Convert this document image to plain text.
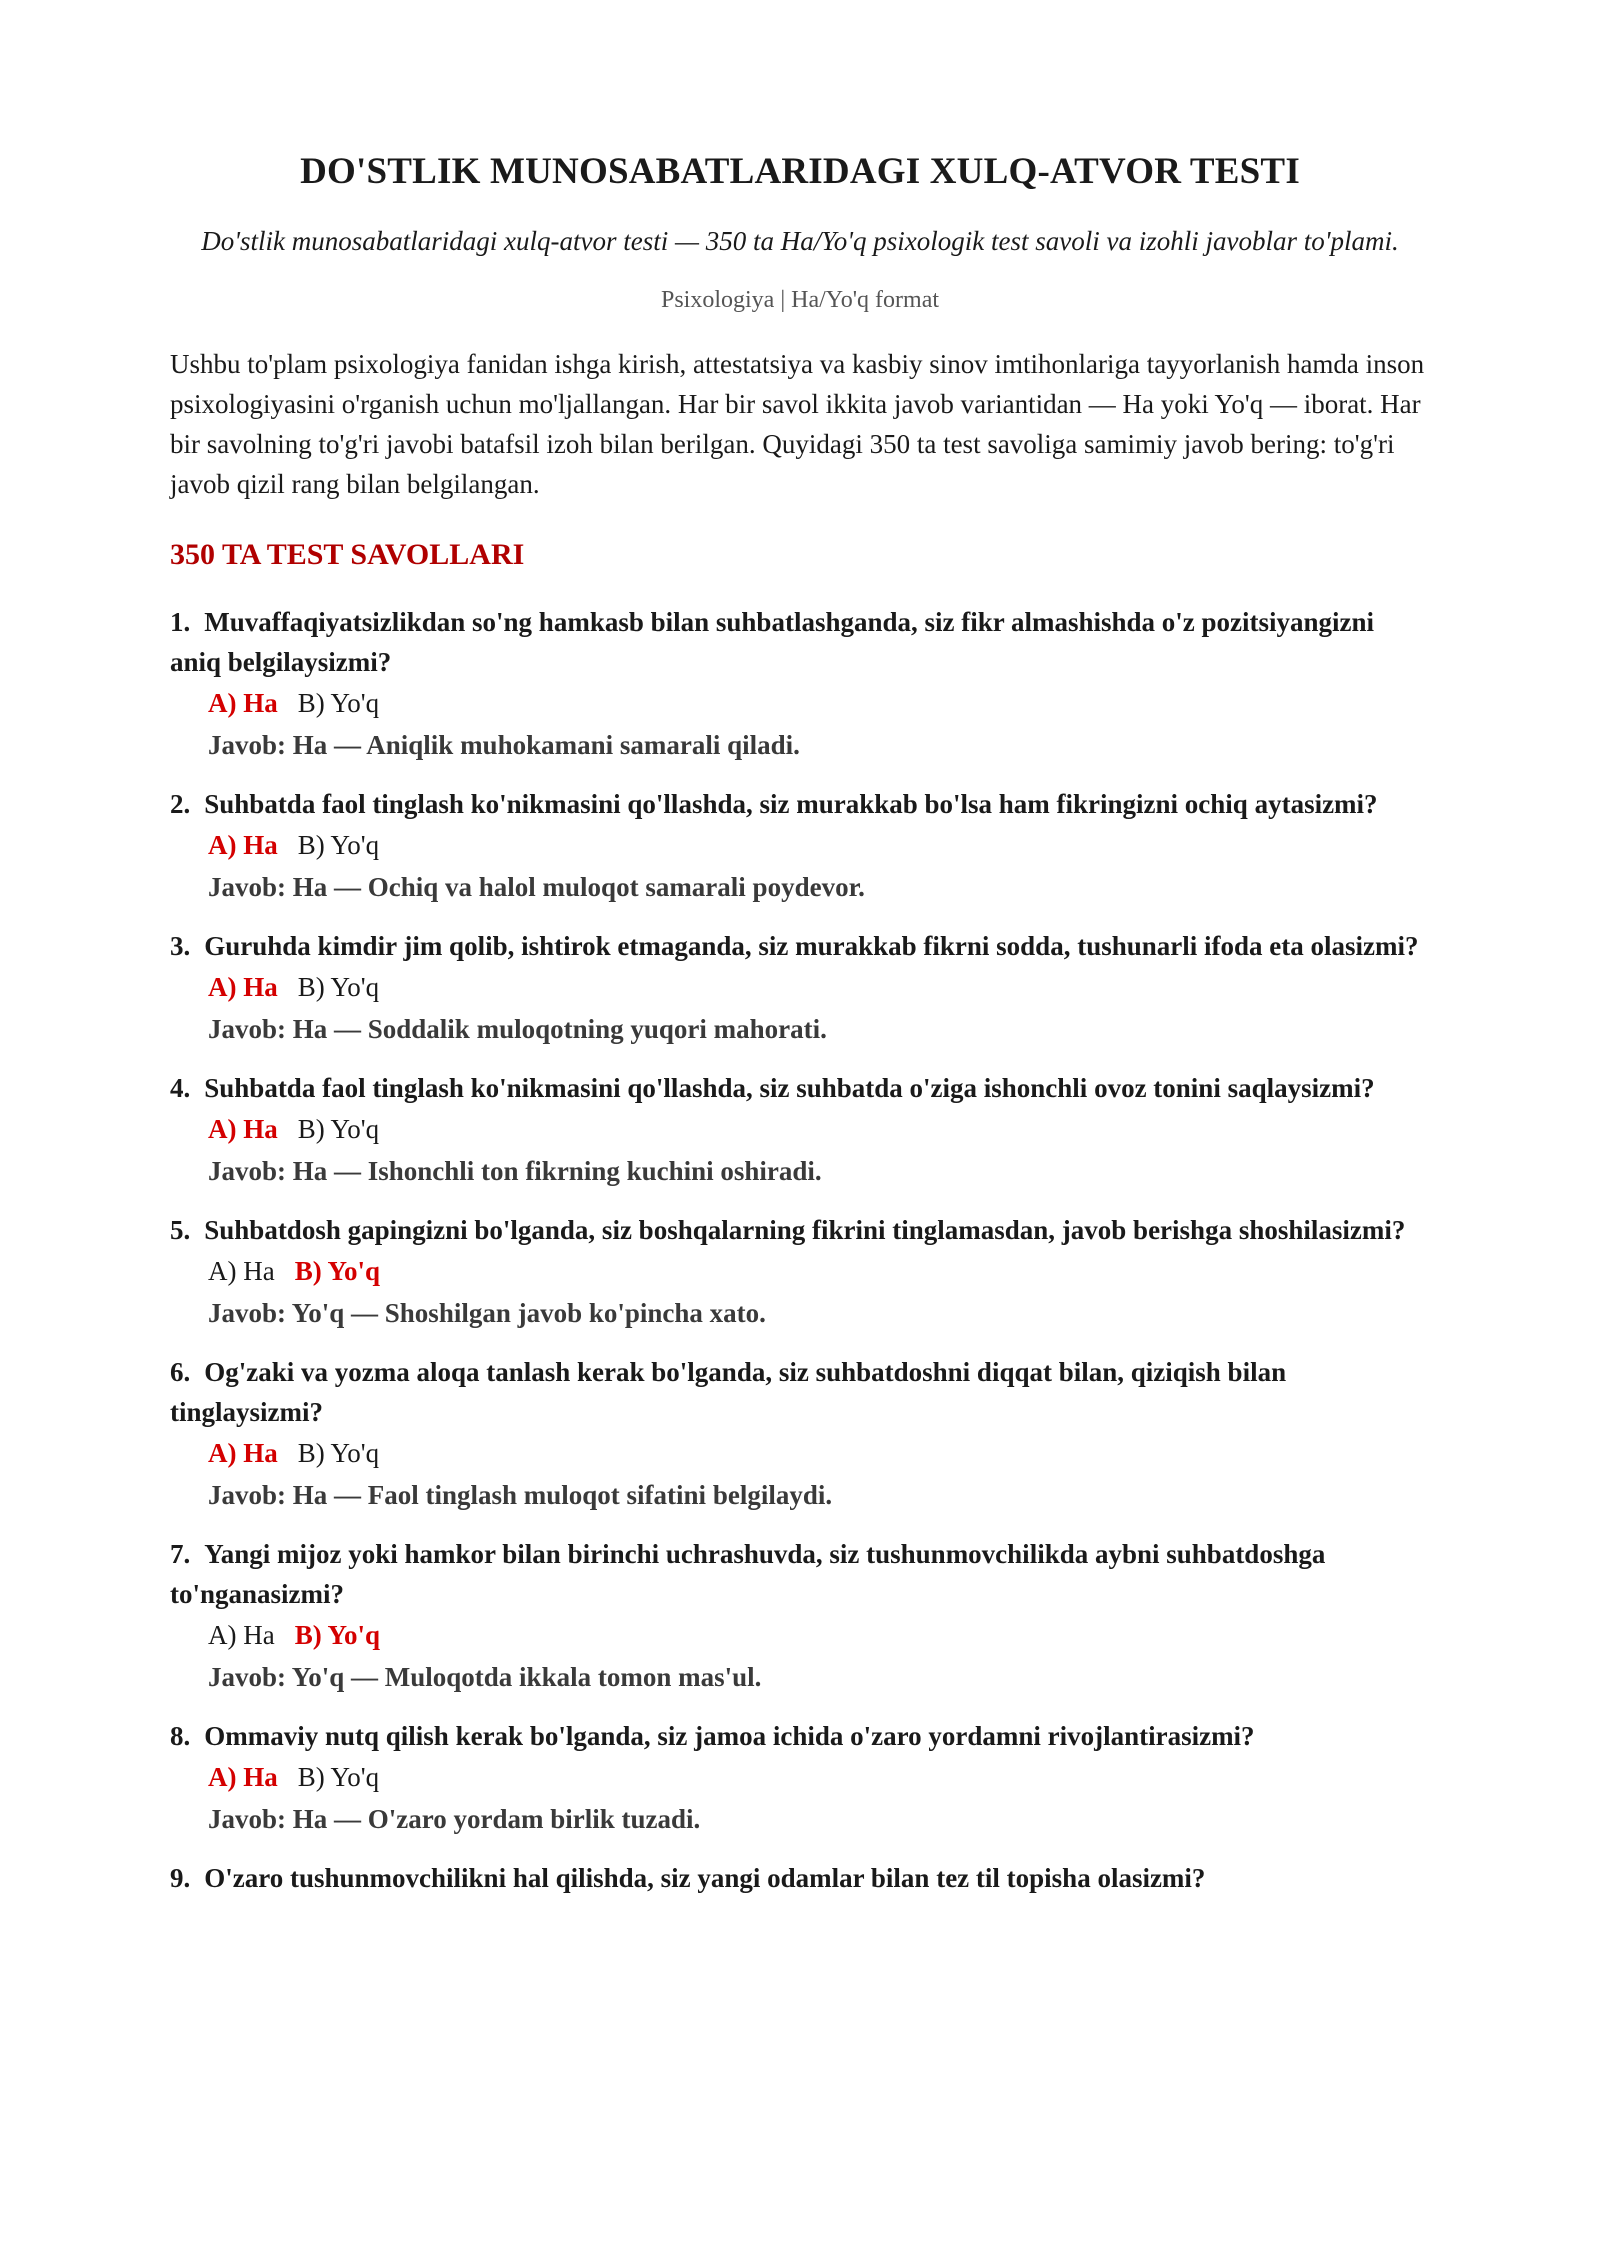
DO'STLIK MUNOSABATLARIDAGI XULQ-ATVOR TESTI

Do'stlik munosabatlaridagi xulq-atvor testi — 350 ta Ha/Yo'q psixologik test savoli va izohli javoblar to'plami.

Psixologiya | Ha/Yo'q format

Ushbu to'plam psixologiya fanidan ishga kirish, attestatsiya va kasbiy sinov imtihonlariga tayyorlanish hamda inson psixologiyasini o'rganish uchun mo'ljallangan. Har bir savol ikkita javob variantidan — Ha yoki Yo'q — iborat. Har bir savolning to'g'ri javobi batafsil izoh bilan berilgan. Quyidagi 350 ta test savoliga samimiy javob bering: to'g'ri javob qizil rang bilan belgilangan.

350 TA TEST SAVOLLARI
1. Muvaffaqiyatsizlikdan so'ng hamkasb bilan suhbatlashganda, siz fikr almashishda o'z pozitsiyangizni aniq belgilaysizmi?
A) Ha B) Yo'q
Javob: Ha — Aniqlik muhokamani samarali qiladi.
2. Suhbatda faol tinglash ko'nikmasini qo'llashda, siz murakkab bo'lsa ham fikringizni ochiq aytasizmi?
A) Ha B) Yo'q
Javob: Ha — Ochiq va halol muloqot samarali poydevor.
3. Guruhda kimdir jim qolib, ishtirok etmaganda, siz murakkab fikrni sodda, tushunarli ifoda eta olasizmi?
A) Ha B) Yo'q
Javob: Ha — Soddalik muloqotning yuqori mahorati.
4. Suhbatda faol tinglash ko'nikmasini qo'llashda, siz suhbatda o'ziga ishonchli ovoz tonini saqlaysizmi?
A) Ha B) Yo'q
Javob: Ha — Ishonchli ton fikrning kuchini oshiradi.
5. Suhbatdosh gapingizni bo'lganda, siz boshqalarning fikrini tinglamasdan, javob berishga shoshilasizmi?
A) Ha B) Yo'q
Javob: Yo'q — Shoshilgan javob ko'pincha xato.
6. Og'zaki va yozma aloqa tanlash kerak bo'lganda, siz suhbatdoshni diqqat bilan, qiziqish bilan tinglaysizmi?
A) Ha B) Yo'q
Javob: Ha — Faol tinglash muloqot sifatini belgilaydi.
7. Yangi mijoz yoki hamkor bilan birinchi uchrashuvda, siz tushunmovchilikda aybni suhbatdoshga to'nganasizmi?
A) Ha B) Yo'q
Javob: Yo'q — Muloqotda ikkala tomon mas'ul.
8. Ommaviy nutq qilish kerak bo'lganda, siz jamoa ichida o'zaro yordamni rivojlantirasizmi?
A) Ha B) Yo'q
Javob: Ha — O'zaro yordam birlik tuzadi.
9. O'zaro tushunmovchilikni hal qilishda, siz yangi odamlar bilan tez til topisha olasizmi?
